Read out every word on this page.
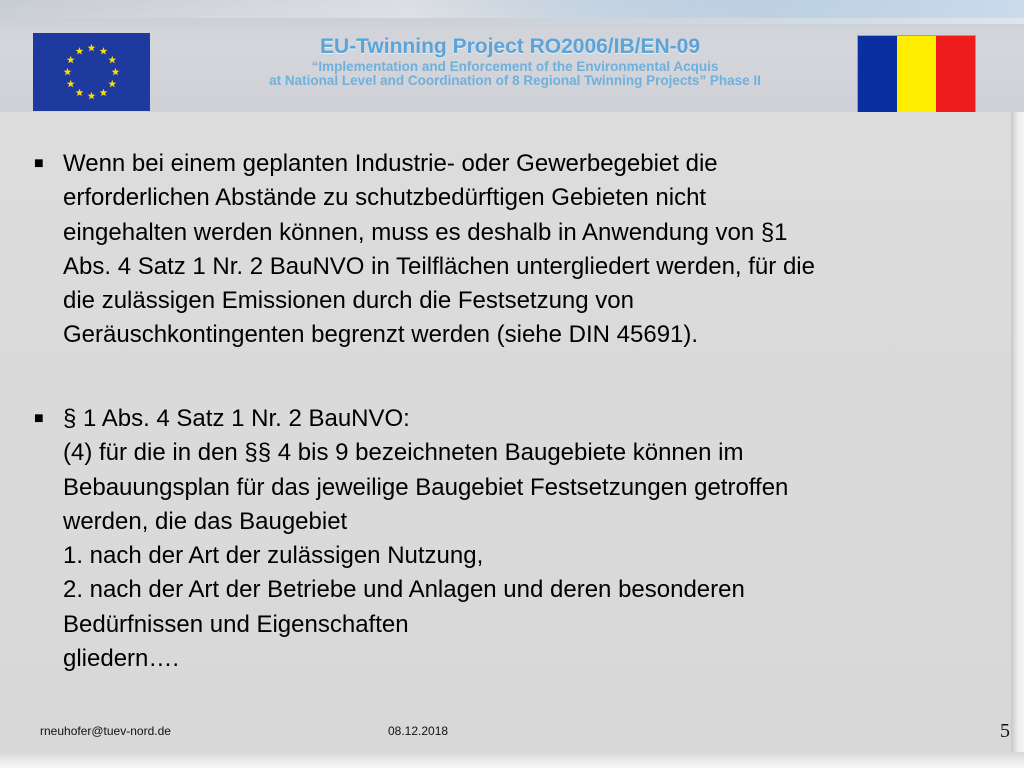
EU-Twinning Project RO2006/IB/EN-09
“Implementation and Enforcement of the Environmental Acquis
at National Level and Coordination of 8 Regional Twinning Projects” Phase II
■ Wenn bei einem geplanten Industrie- oder Gewerbegebiet die
erforderlichen Abstände zu schutzbedürftigen Gebieten nicht
eingehalten werden können, muss es deshalb in Anwendung von §1
Abs. 4 Satz 1 Nr. 2 BauNVO in Teilflächen untergliedert werden, für die
die zulässigen Emissionen durch die Festsetzung von
Geräuschkontingenten begrenzt werden (siehe DIN 45691).
■ § 1 Abs. 4 Satz 1 Nr. 2 BauNVO:
(4) für die in den §§ 4 bis 9 bezeichneten Baugebiete können im
Bebauungsplan für das jeweilige Baugebiet Festsetzungen getroffen
werden, die das Baugebiet
1. nach der Art der zulässigen Nutzung,
2. nach der Art der Betriebe und Anlagen und deren besonderen
Bedürfnissen und Eigenschaften
gliedern….
rneuhofer@tuev-nord.de	08.12.2018	5
